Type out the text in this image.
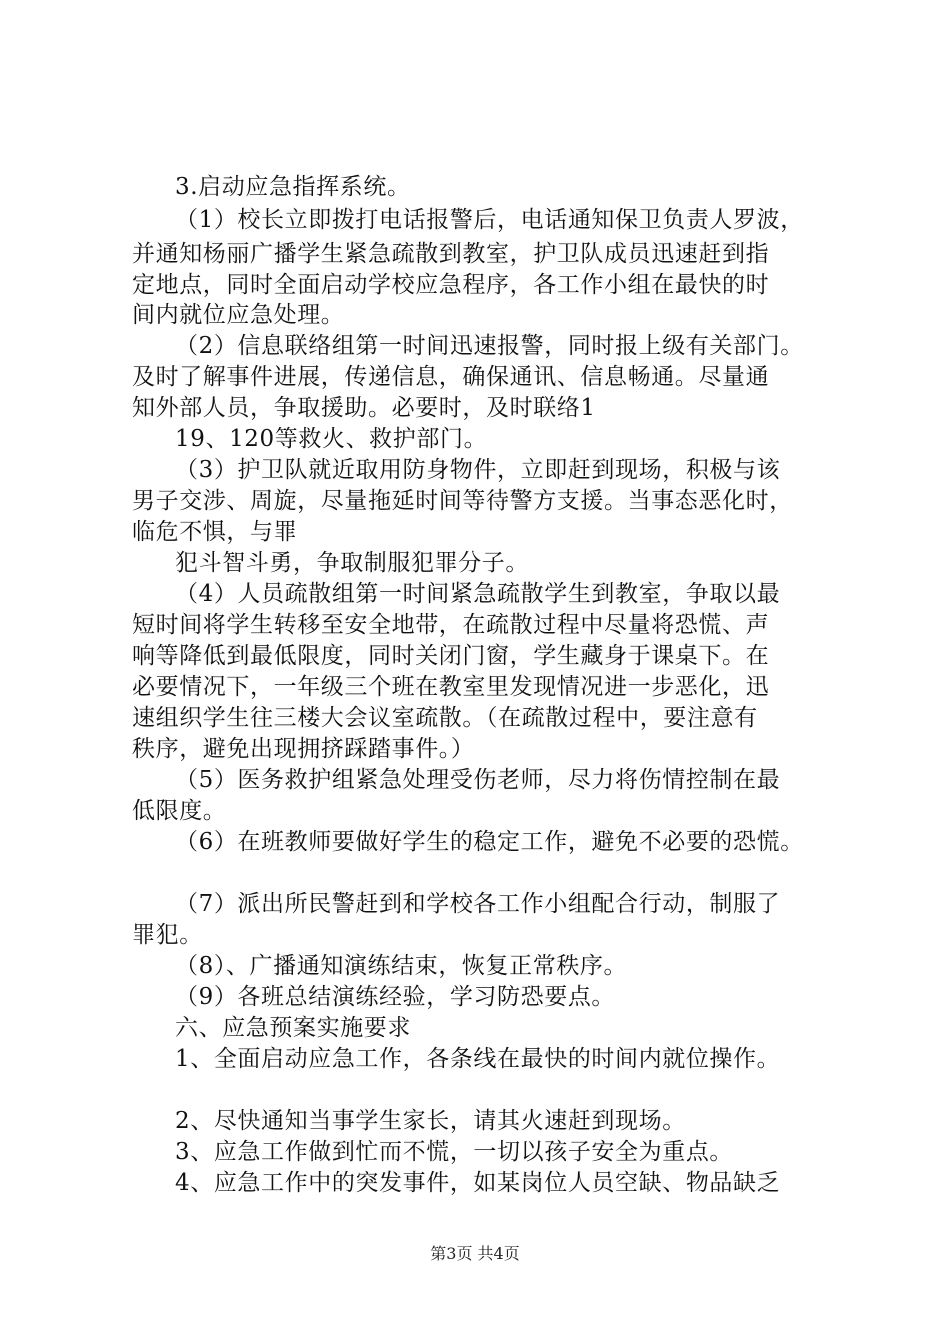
3.启动应急指挥系统。
（1）校长立即拨打电话报警后，电话通知保卫负责人罗波，
并通知杨丽广播学生紧急疏散到教室，护卫队成员迅速赶到指
定地点，同时全面启动学校应急程序，各工作小组在最快的时
间内就位应急处理。
（2）信息联络组第一时间迅速报警，同时报上级有关部门。
及时了解事件进展，传递信息，确保通讯、信息畅通。尽量通
知外部人员，争取援助。必要时，及时联络1
19、120等救火、救护部门。
（3）护卫队就近取用防身物件，立即赶到现场，积极与该
男子交涉、周旋，尽量拖延时间等待警方支援。当事态恶化时，
临危不惧，与罪
犯斗智斗勇，争取制服犯罪分子。
（4）人员疏散组第一时间紧急疏散学生到教室，争取以最
短时间将学生转移至安全地带，在疏散过程中尽量将恐慌、声
响等降低到最低限度，同时关闭门窗，学生藏身于课桌下。在
必要情况下，一年级三个班在教室里发现情况进一步恶化，迅
速组织学生往三楼大会议室疏散。（在疏散过程中，要注意有
秩序，避免出现拥挤踩踏事件。）
（5）医务救护组紧急处理受伤老师，尽力将伤情控制在最
低限度。
（6）在班教师要做好学生的稳定工作，避免不必要的恐慌。
（7）派出所民警赶到和学校各工作小组配合行动，制服了
罪犯。
（8）、广播通知演练结束，恢复正常秩序。
（9）各班总结演练经验，学习防恐要点。
六、应急预案实施要求
1、全面启动应急工作，各条线在最快的时间内就位操作。
2、尽快通知当事学生家长，请其火速赶到现场。
3、应急工作做到忙而不慌，一切以孩子安全为重点。
4、应急工作中的突发事件，如某岗位人员空缺、物品缺乏
第3页 共4页
